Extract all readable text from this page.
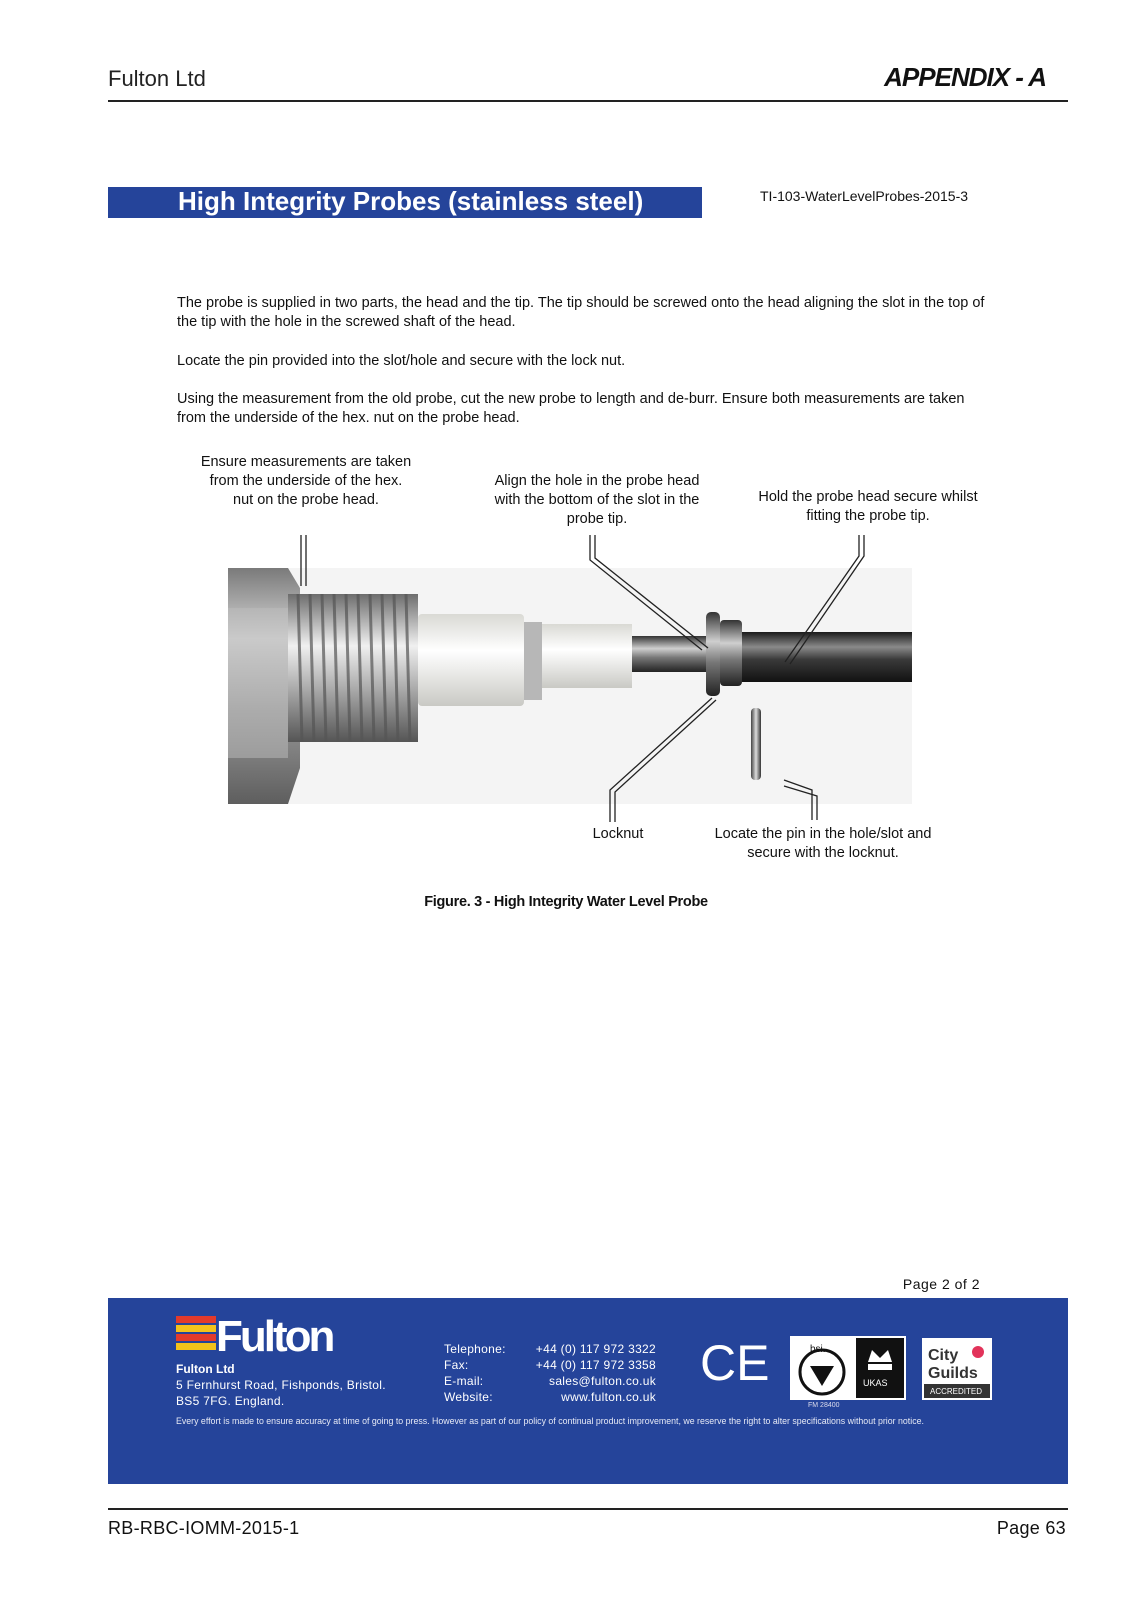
Fulton Ltd	APPENDIX - A
High Integrity Probes (stainless steel)	TI-103-WaterLevelProbes-2015-3
The probe is supplied in two parts, the head and the tip. The tip should be screwed onto the head aligning the slot in the top of the tip with the hole in the screwed shaft of the head.
Locate the pin provided into the slot/hole and secure with the lock nut.
Using the measurement from the old probe, cut the new probe to length and de-burr. Ensure both measurements are taken from the underside of the hex. nut on the probe head.
Ensure measurements are taken from the underside of the hex. nut on the probe head.
Align the hole in the probe head with the bottom of the slot in the probe tip.
Hold the probe head secure whilst fitting the probe tip.
Locknut	Locate the pin in the hole/slot and secure with the locknut.
Figure. 3 - High Integrity Water Level Probe
Page 2 of 2
Fulton
Fulton Ltd
5 Fernhurst Road, Fishponds, Bristol.
BS5 7FG. England.
Telephone:	+44 (0) 117 972 3322
Fax:	+44 (0) 117 972 3358
E-mail:	sales@fulton.co.uk
Website:	www.fulton.co.uk
CE	bsi.
UKAS
FM 28400
City
Guilds
ACCREDITED
Every effort is made to ensure accuracy at time of going to press. However as part of our policy of continual product improvement, we reserve the right to alter specifications without prior notice.
RB-RBC-IOMM-2015-1	Page 63
